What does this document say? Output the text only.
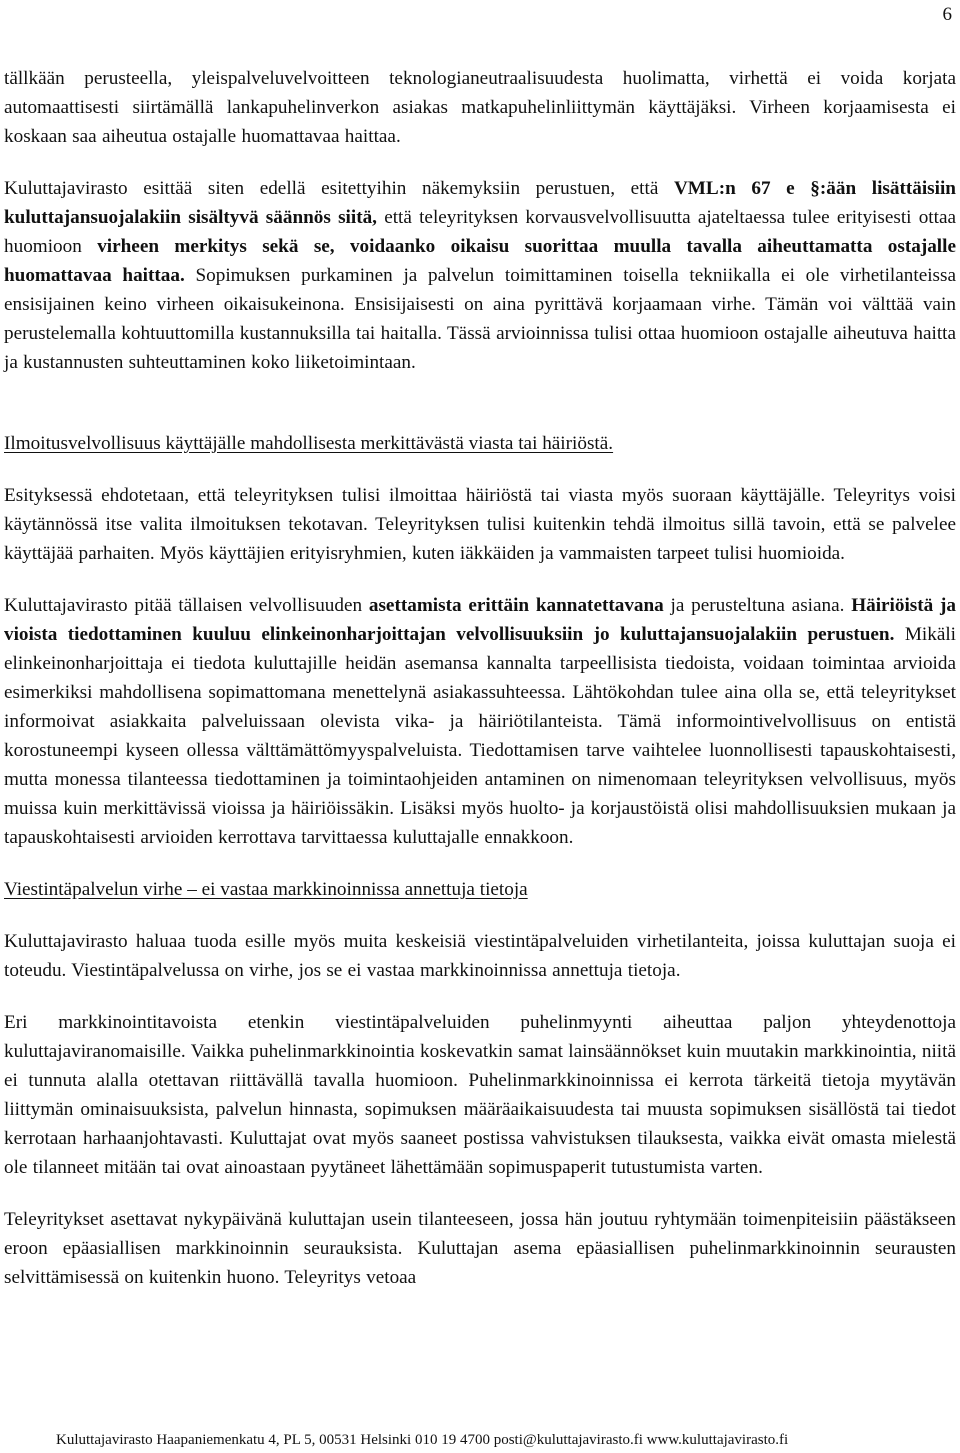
6

tällkään perusteella, yleispalveluvelvoitteen teknologianeutraalisuudesta huolimatta, virhettä ei voida korjata automaattisesti siirtämällä lankapuhelinverkon asiakas matkapuhelinliittymän käyttäjäksi. Virheen korjaamisesta ei koskaan saa aiheutua ostajalle huomattavaa haittaa.

Kuluttajavirasto esittää siten edellä esitettyihin näkemyksiin perustuen, että VML:n 67 e §:ään lisättäisiin kuluttajansuojalakiin sisältyvä säännös siitä, että teleyrityksen korvausvelvollisuutta ajateltaessa tulee erityisesti ottaa huomioon virheen merkitys sekä se, voidaanko oikaisu suorittaa muulla tavalla aiheuttamatta ostajalle huomattavaa haittaa. Sopimuksen purkaminen ja palvelun toimittaminen toisella tekniikalla ei ole virhetilanteissa ensisijainen keino virheen oikaisukeinona. Ensisijaisesti on aina pyrittävä korjaamaan virhe. Tämän voi välttää vain perustelemalla kohtuuttomilla kustannuksilla tai haitalla. Tässä arvioinnissa tulisi ottaa huomioon ostajalle aiheutuva haitta ja kustannusten suhteuttaminen koko liiketoimintaan.

Ilmoitusvelvollisuus käyttäjälle mahdollisesta merkittävästä viasta tai häiriöstä.

Esityksessä ehdotetaan, että teleyrityksen tulisi ilmoittaa häiriöstä tai viasta myös suoraan käyttäjälle. Teleyritys voisi käytännössä itse valita ilmoituksen tekotavan. Teleyrityksen tulisi kuitenkin tehdä ilmoitus sillä tavoin, että se palvelee käyttäjää parhaiten. Myös käyttäjien erityisryhmien, kuten iäkkäiden ja vammaisten tarpeet tulisi huomioida.

Kuluttajavirasto pitää tällaisen velvollisuuden asettamista erittäin kannatettavana ja perusteltuna asiana. Häiriöistä ja vioista tiedottaminen kuuluu elinkeinonharjoittajan velvollisuuksiin jo kuluttajansuojalakiin perustuen. Mikäli elinkeinonharjoittaja ei tiedota kuluttajille heidän asemansa kannalta tarpeellisista tiedoista, voidaan toimintaa arvioida esimerkiksi mahdollisena sopimattomana menettelynä asiakassuhteessa. Lähtökohdan tulee aina olla se, että teleyritykset informoivat asiakkaita palveluissaan olevista vika- ja häiriötilanteista. Tämä informointivelvollisuus on entistä korostuneempi kyseen ollessa välttämättömyyspalveluista. Tiedottamisen tarve vaihtelee luonnollisesti tapauskohtaisesti, mutta monessa tilanteessa tiedottaminen ja toimintaohjeiden antaminen on nimenomaan teleyrityksen velvollisuus, myös muissa kuin merkittävissä vioissa ja häiriöissäkin. Lisäksi myös huolto- ja korjaustöistä olisi mahdollisuuksien mukaan ja tapauskohtaisesti arvioiden kerrottava tarvittaessa kuluttajalle ennakkoon.

Viestintäpalvelun virhe – ei vastaa markkinoinnissa annettuja tietoja

Kuluttajavirasto haluaa tuoda esille myös muita keskeisiä viestintäpalveluiden virhetilanteita, joissa kuluttajan suoja ei toteudu. Viestintäpalvelussa on virhe, jos se ei vastaa markkinoinnissa annettuja tietoja.

Eri markkinointitavoista etenkin viestintäpalveluiden puhelinmyynti aiheuttaa paljon yhteydenottoja kuluttajaviranomaisille. Vaikka puhelinmarkkinointia koskevatkin samat lainsäännökset kuin muutakin markkinointia, niitä ei tunnuta alalla otettavan riittävällä tavalla huomioon. Puhelinmarkkinoinnissa ei kerrota tärkeitä tietoja myytävän liittymän ominaisuuksista, palvelun hinnasta, sopimuksen määräaikaisuudesta tai muusta sopimuksen sisällöstä tai tiedot kerrotaan harhaanjohtavasti. Kuluttajat ovat myös saaneet postissa vahvistuksen tilauksesta, vaikka eivät omasta mielestä ole tilanneet mitään tai ovat ainoastaan pyytäneet lähettämään sopimuspaperit tutustumista varten.

Teleyritykset asettavat nykypäivänä kuluttajan usein tilanteeseen, jossa hän joutuu ryhtymään toimenpiteisiin päästäkseen eroon epäasiallisen markkinoinnin seurauksista. Kuluttajan asema epäasiallisen puhelinmarkkinoinnin seurausten selvittämisessä on kuitenkin huono. Teleyritys vetoaa

Kuluttajavirasto Haapaniemenkatu 4, PL 5, 00531 Helsinki 010 19 4700 posti@kuluttajavirasto.fi www.kuluttajavirasto.fi
